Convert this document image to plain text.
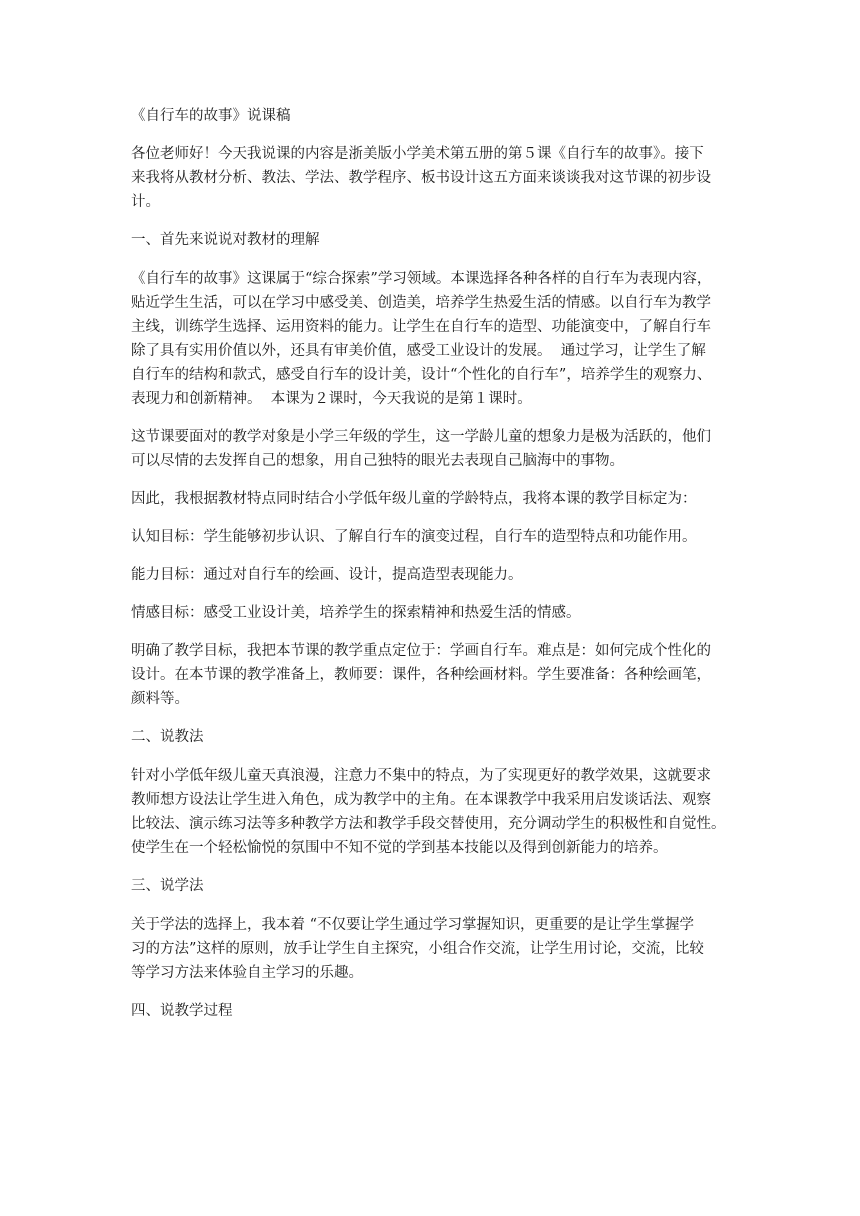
《自行车的故事》说课稿

各位老师好！今天我说课的内容是浙美版小学美术第五册的第５课《自行车的故事》。接下

来我将从教材分析、教法、学法、教学程序、板书设计这五方面来谈谈我对这节课的初步设

计。

一、首先来说说对教材的理解

《自行车的故事》这课属于“综合探索”学习领域。本课选择各种各样的自行车为表现内容，

贴近学生生活，可以在学习中感受美、创造美，培养学生热爱生活的情感。以自行车为教学

主线，训练学生选择、运用资料的能力。让学生在自行车的造型、功能演变中，了解自行车

除了具有实用价值以外，还具有审美价值，感受工业设计的发展。  通过学习，让学生了解

自行车的结构和款式，感受自行车的设计美，设计“个性化的自行车”，培养学生的观察力、

表现力和创新精神。  本课为２课时，今天我说的是第１课时。

这节课要面对的教学对象是小学三年级的学生，这一学龄儿童的想象力是极为活跃的，他们

可以尽情的去发挥自己的想象，用自己独特的眼光去表现自己脑海中的事物。

因此，我根据教材特点同时结合小学低年级儿童的学龄特点，我将本课的教学目标定为：

认知目标：学生能够初步认识、了解自行车的演变过程，自行车的造型特点和功能作用。

能力目标：通过对自行车的绘画、设计，提高造型表现能力。

情感目标：感受工业设计美，培养学生的探索精神和热爱生活的情感。

明确了教学目标，我把本节课的教学重点定位于：学画自行车。难点是：如何完成个性化的

设计。在本节课的教学准备上，教师要：课件，各种绘画材料。学生要准备：各种绘画笔，

颜料等。

二、说教法

针对小学低年级儿童天真浪漫，注意力不集中的特点，为了实现更好的教学效果，这就要求

教师想方设法让学生进入角色，成为教学中的主角。在本课教学中我采用启发谈话法、观察

比较法、演示练习法等多种教学方法和教学手段交替使用，充分调动学生的积极性和自觉性。

使学生在一个轻松愉悦的氛围中不知不觉的学到基本技能以及得到创新能力的培养。

三、说学法

关于学法的选择上，我本着 “不仅要让学生通过学习掌握知识，更重要的是让学生掌握学

习的方法”这样的原则，放手让学生自主探究，小组合作交流，让学生用讨论，交流，比较

等学习方法来体验自主学习的乐趣。

四、说教学过程
